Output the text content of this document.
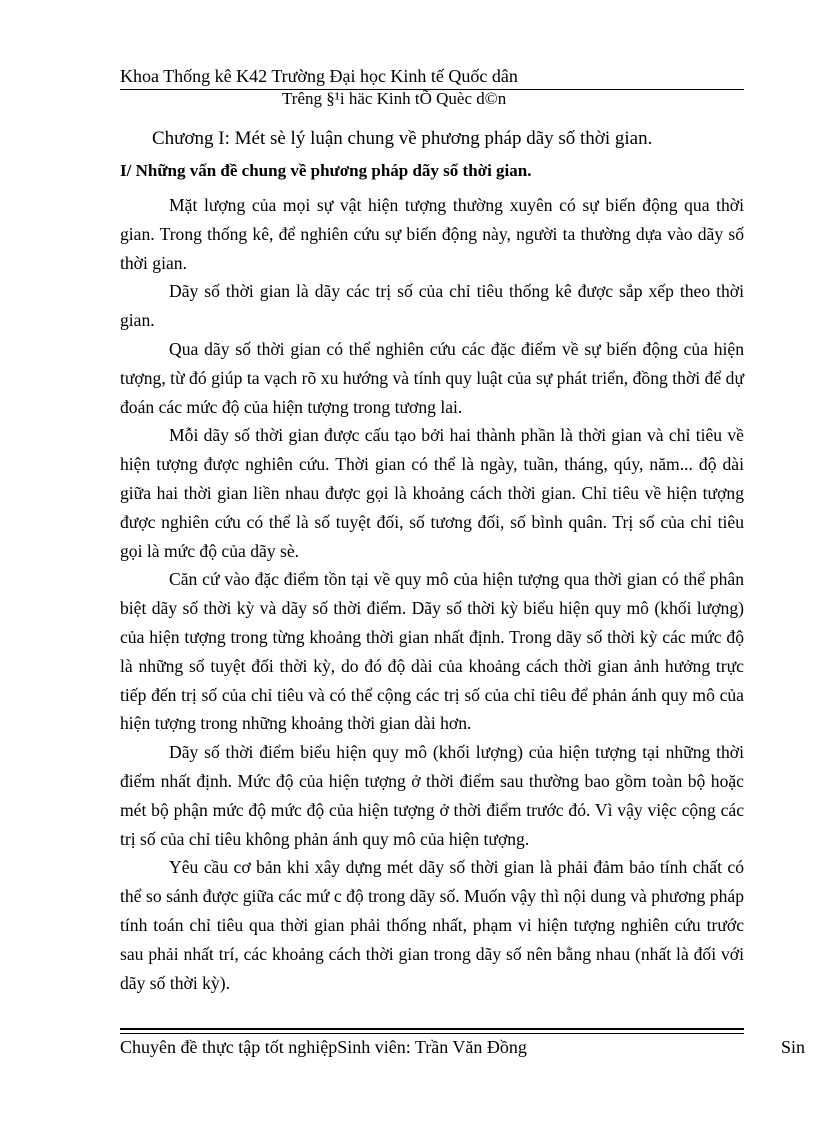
Khoa Thống kê K42 Trường Đại học Kinh tế Quốc dân
Trêng §¹i häc Kinh tÕ Quèc d©n
Chương I: Mét sè lý luận chung về phương pháp dãy số thời gian.
I/ Những vấn đề chung về phương pháp dãy số thời gian.

Mặt lượng của mọi sự vật hiện tượng thường xuyên có sự biến động qua thời gian. Trong thống kê, để nghiên cứu sự biến động này, người ta thường dựa vào dãy số thời gian.

Dãy số thời gian là dãy các trị số của chỉ tiêu thống kê được sắp xếp theo thời gian.

Qua dãy số thời gian có thể nghiên cứu các đặc điểm về sự biến động của hiện tượng, từ đó giúp ta vạch rõ xu hướng và tính quy luật của sự phát triển, đồng thời để dự đoán các mức độ của hiện tượng trong tương lai.

Mỗi dãy số thời gian được cấu tạo bởi hai thành phần là thời gian và chỉ tiêu về hiện tượng được nghiên cứu. Thời gian có thể là ngày, tuần, tháng, qúy, năm... độ dài giữa hai thời gian liền nhau được gọi là khoảng cách thời gian. Chỉ tiêu về hiện tượng được nghiên cứu có thể là số tuyệt đối, số tương đối, số bình quân. Trị số của chỉ tiêu gọi là mức độ của dãy sè.

Căn cứ vào đặc điểm tồn tại về quy mô của hiện tượng qua thời gian có thể phân biệt dãy số thời kỳ và dãy số thời điểm. Dãy số thời kỳ biểu hiện quy mô (khối lượng) của hiện tượng trong từng khoảng thời gian nhất định. Trong dãy số thời kỳ các mức độ là những số tuyệt đối thời kỳ, do đó độ dài của khoảng cách thời gian ảnh hưởng trực tiếp đến trị số của chỉ tiêu và có thể cộng các trị số của chỉ tiêu để phản ánh quy mô của hiện tượng trong những khoảng thời gian dài hơn.

Dãy số thời điểm biểu hiện quy mô (khối lượng) của hiện tượng tại những thời điểm nhất định. Mức độ của hiện tượng ở thời điểm sau thường bao gồm toàn bộ hoặc mét bộ phận mức độ mức độ của hiện tượng ở thời điểm trước đó. Vì vậy việc cộng các trị số của chỉ tiêu không phản ánh quy mô của hiện tượng.

Yêu cầu cơ bản khi xây dựng mét dãy số thời gian là phải đảm bảo tính chất có thể so sánh được giữa các mứ c độ trong dãy số. Muốn vậy thì nội dung và phương pháp tính toán chỉ tiêu qua thời gian phải thống nhất, phạm vi hiện tượng nghiên cứu trước sau phải nhất trí, các khoảng cách thời gian trong dãy số nên bằng nhau (nhất là đối với dãy số thời kỳ).

Chuyên đề thực tập tốt nghiệpSinh viên: Trần Văn Đồng	Sin
